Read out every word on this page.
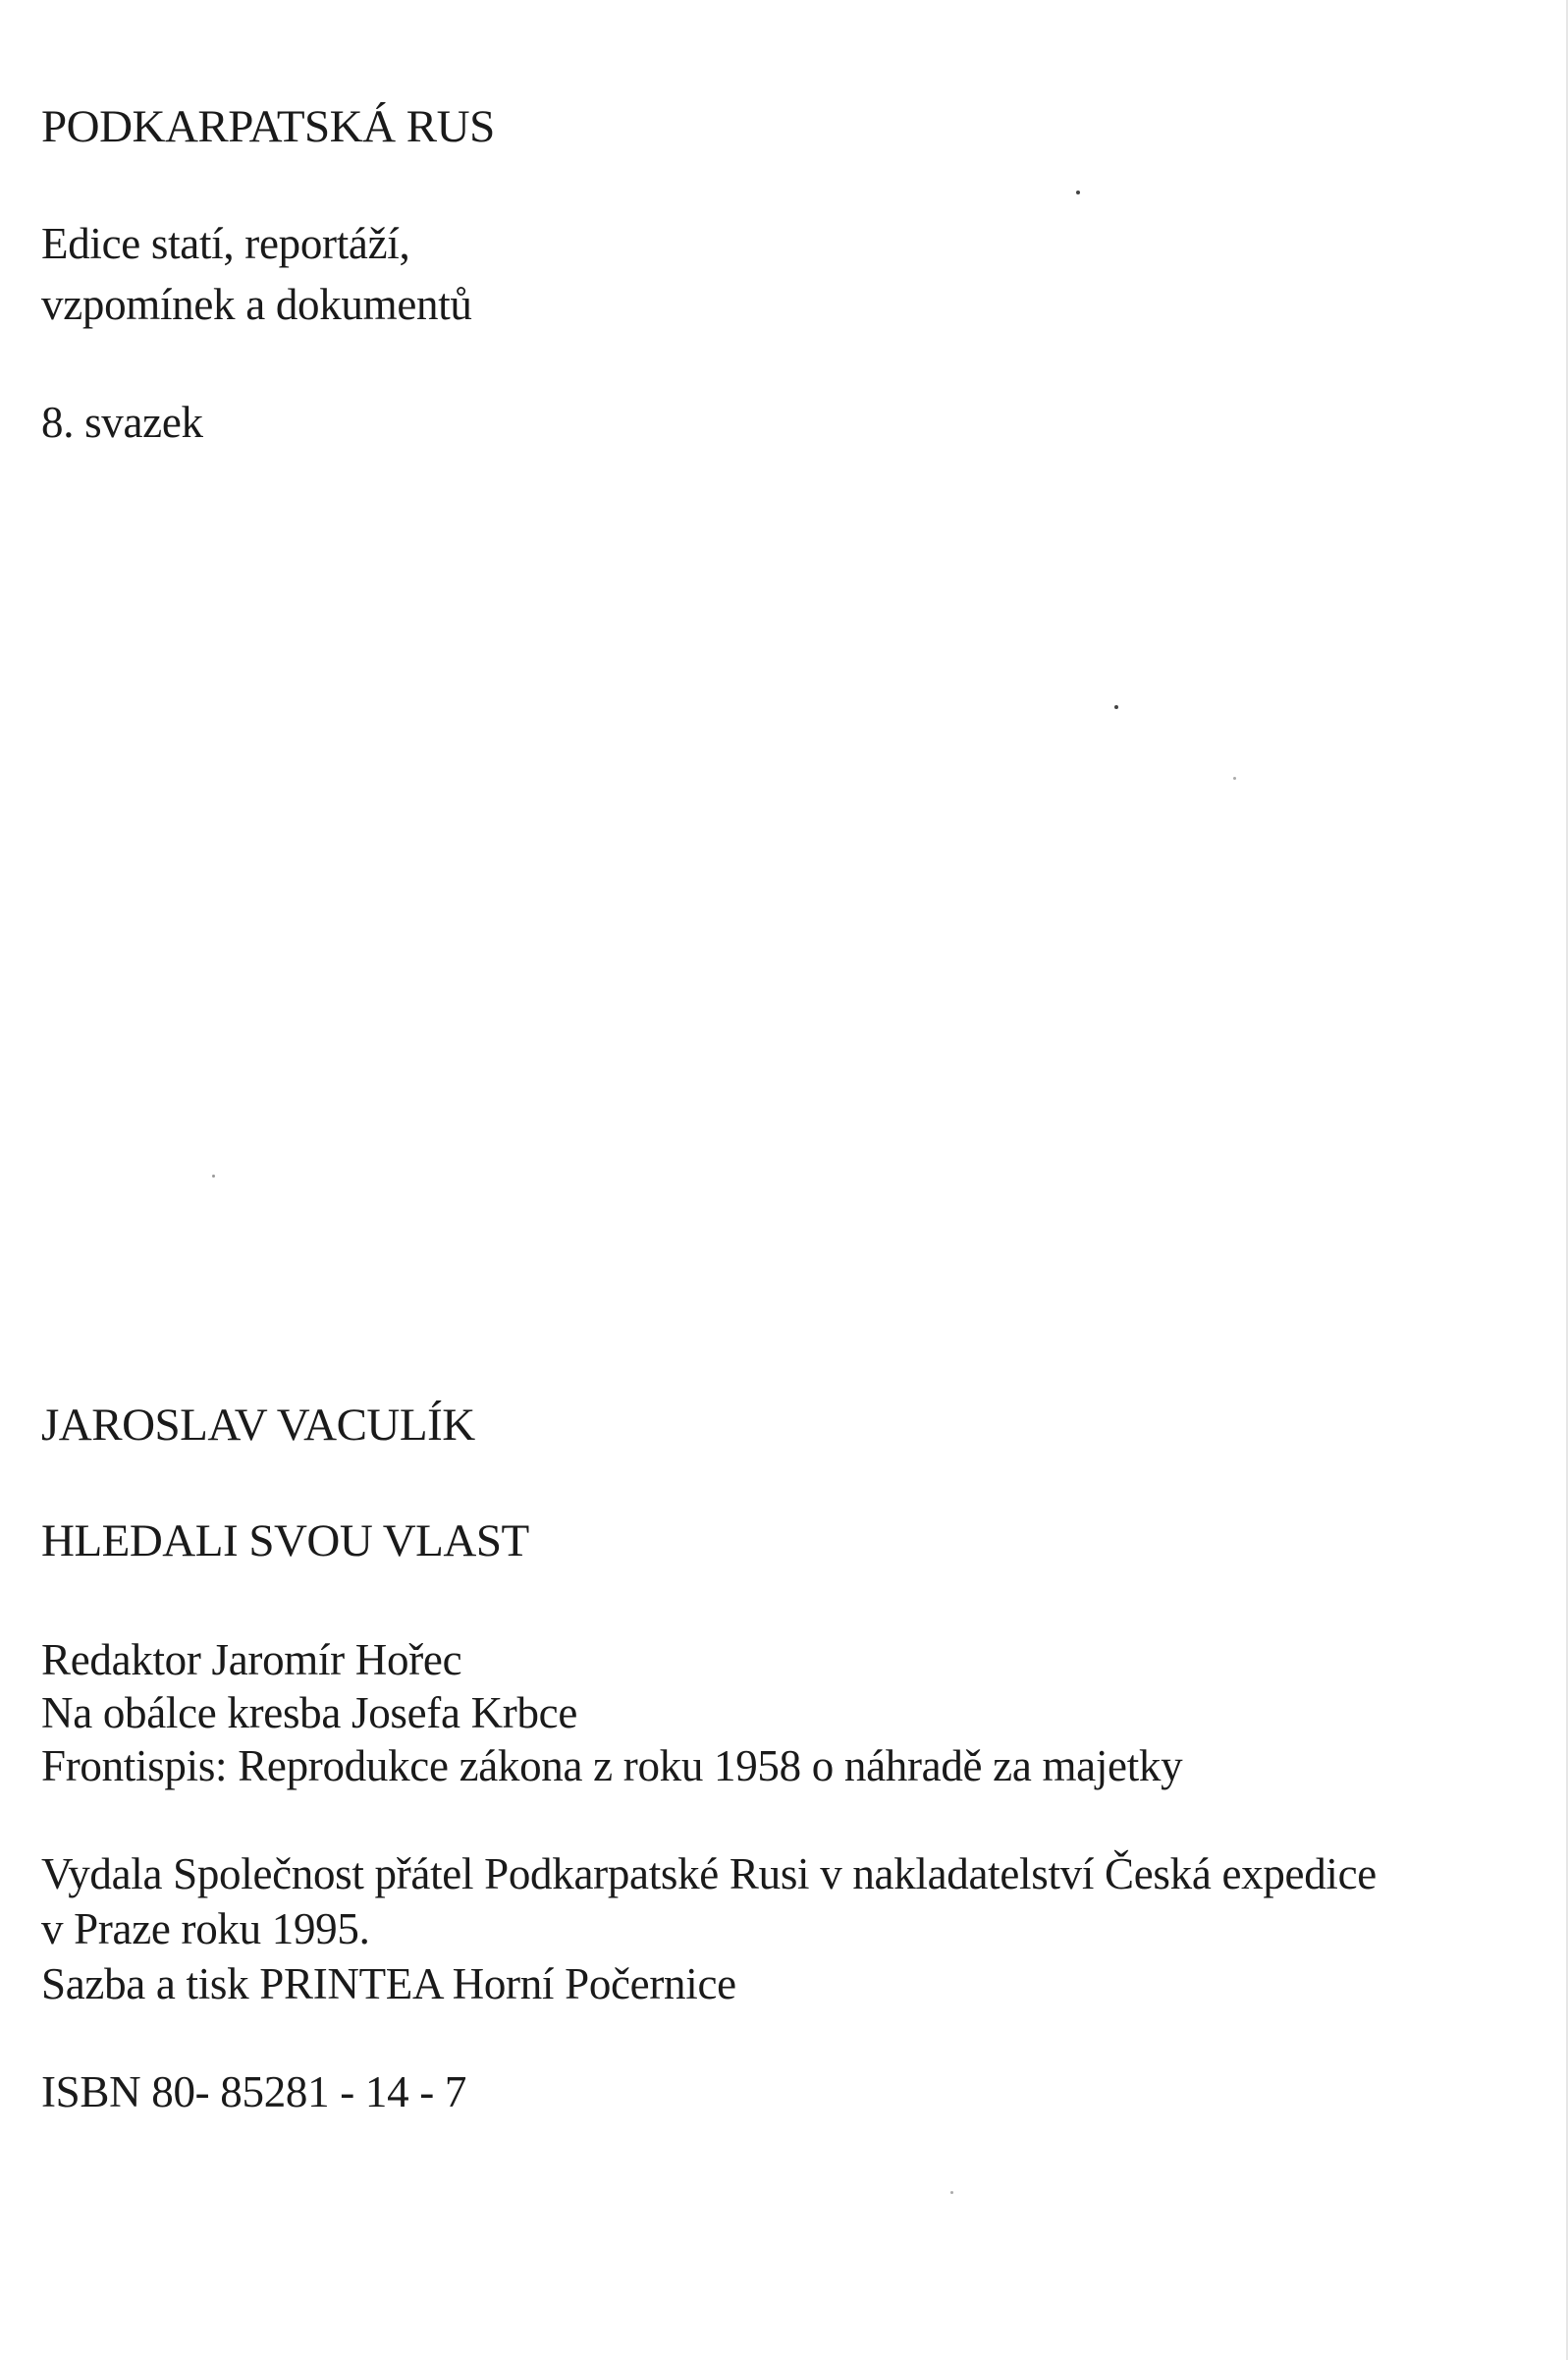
PODKARPATSKÁ RUS
Edice statí, reportáží,
vzpomínek a dokumentů
8. svazek
JAROSLAV VACULÍK
HLEDALI SVOU VLAST
Redaktor Jaromír Hořec
Na obálce kresba Josefa Krbce
Frontispis: Reprodukce zákona z roku 1958 o náhradě za majetky
Vydala Společnost přátel Podkarpatské Rusi v nakladatelství Česká expedice
v Praze roku 1995.
Sazba a tisk PRINTEA Horní Počernice
ISBN 80- 85281 - 14 - 7
